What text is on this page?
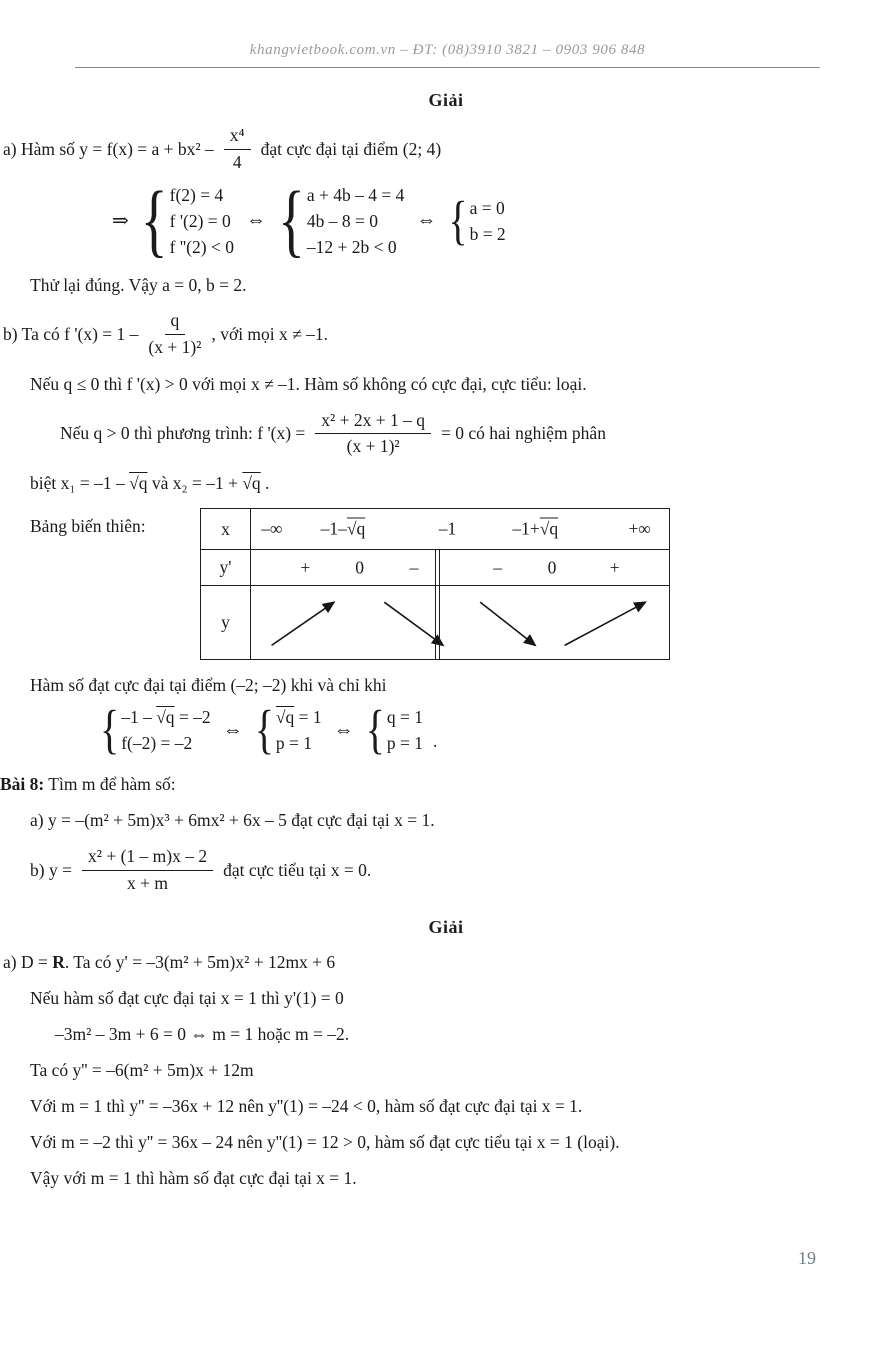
khangvietbook.com.vn – ĐT: (08)3910 3821 – 0903 906 848
Giải
a) Hàm số $y = f(x) = a + bx^2 - \frac{\text{x⁴}}{4}$ đạt cực đại tại điểm (2; 4)
⇒ { f(2) = 4
f '(2) = 0
f ''(2) < 0
⇔ { a + 4b – 4 = 4
4b – 8 = 0
–12 + 2b < 0
⇔ { a = 0
b = 2
Thử lại đúng. Vậy a = 0, b = 2.
b) Ta có f '$(x) = 1 - \frac{q}{\text{(x + 1)²}}$ , với mọi x ≠ –1.
Nếu q ≤ 0 thì f '(x) > 0 với mọi x ≠ –1. Hàm số không có cực đại, cực tiểu: loại.
Nếu q > 0 thì phương trình: f '$(x) = \frac{\text{x² + 2x + 1 – q}}{\text{(x + 1)²}} = 0$ có hai nghiệm phân
biệt x₁ = –1 – √q và x₂ = –1 + √q .
Bảng biến thiên:	x	–∞ –1–√q	–1	–1+√q	+∞
y'	+	0	–	–	0	+
y
Hàm số đạt cực đại tại điểm (–2; –2) khi và chỉ khi
{ –1 – √q = –2
f(–2) = –2
⇔ { √q = 1
p = 1
⇔ { q = 1
p = 1 .
Bài 8: Tìm m để hàm số:
a) y = –(m² + 5m)x³ + 6mx² + 6x – 5 đạt cực đại tại x = 1.
b) $y = \frac{\text{x² + (1 – m)x – 2}}{x + m}$ đạt cực tiểu tại x = 0.
Giải
a) D = R. Ta có y' = –3(m² + 5m)x² + 12mx + 6
Nếu hàm số đạt cực đại tại x = 1 thì y'(1) = 0
–3m² – 3m + 6 = 0 ⇔ m = 1 hoặc m = –2.
Ta có y'' = –6(m² + 5m)x + 12m
Với m = 1 thì y'' = –36x + 12 nên y''(1) = –24 < 0, hàm số đạt cực đại tại x = 1.
Với m = –2 thì y'' = 36x – 24 nên y''(1) = 12 > 0, hàm số đạt cực tiểu tại x = 1 (loại).
Vậy với m = 1 thì hàm số đạt cực đại tại x = 1.
19
